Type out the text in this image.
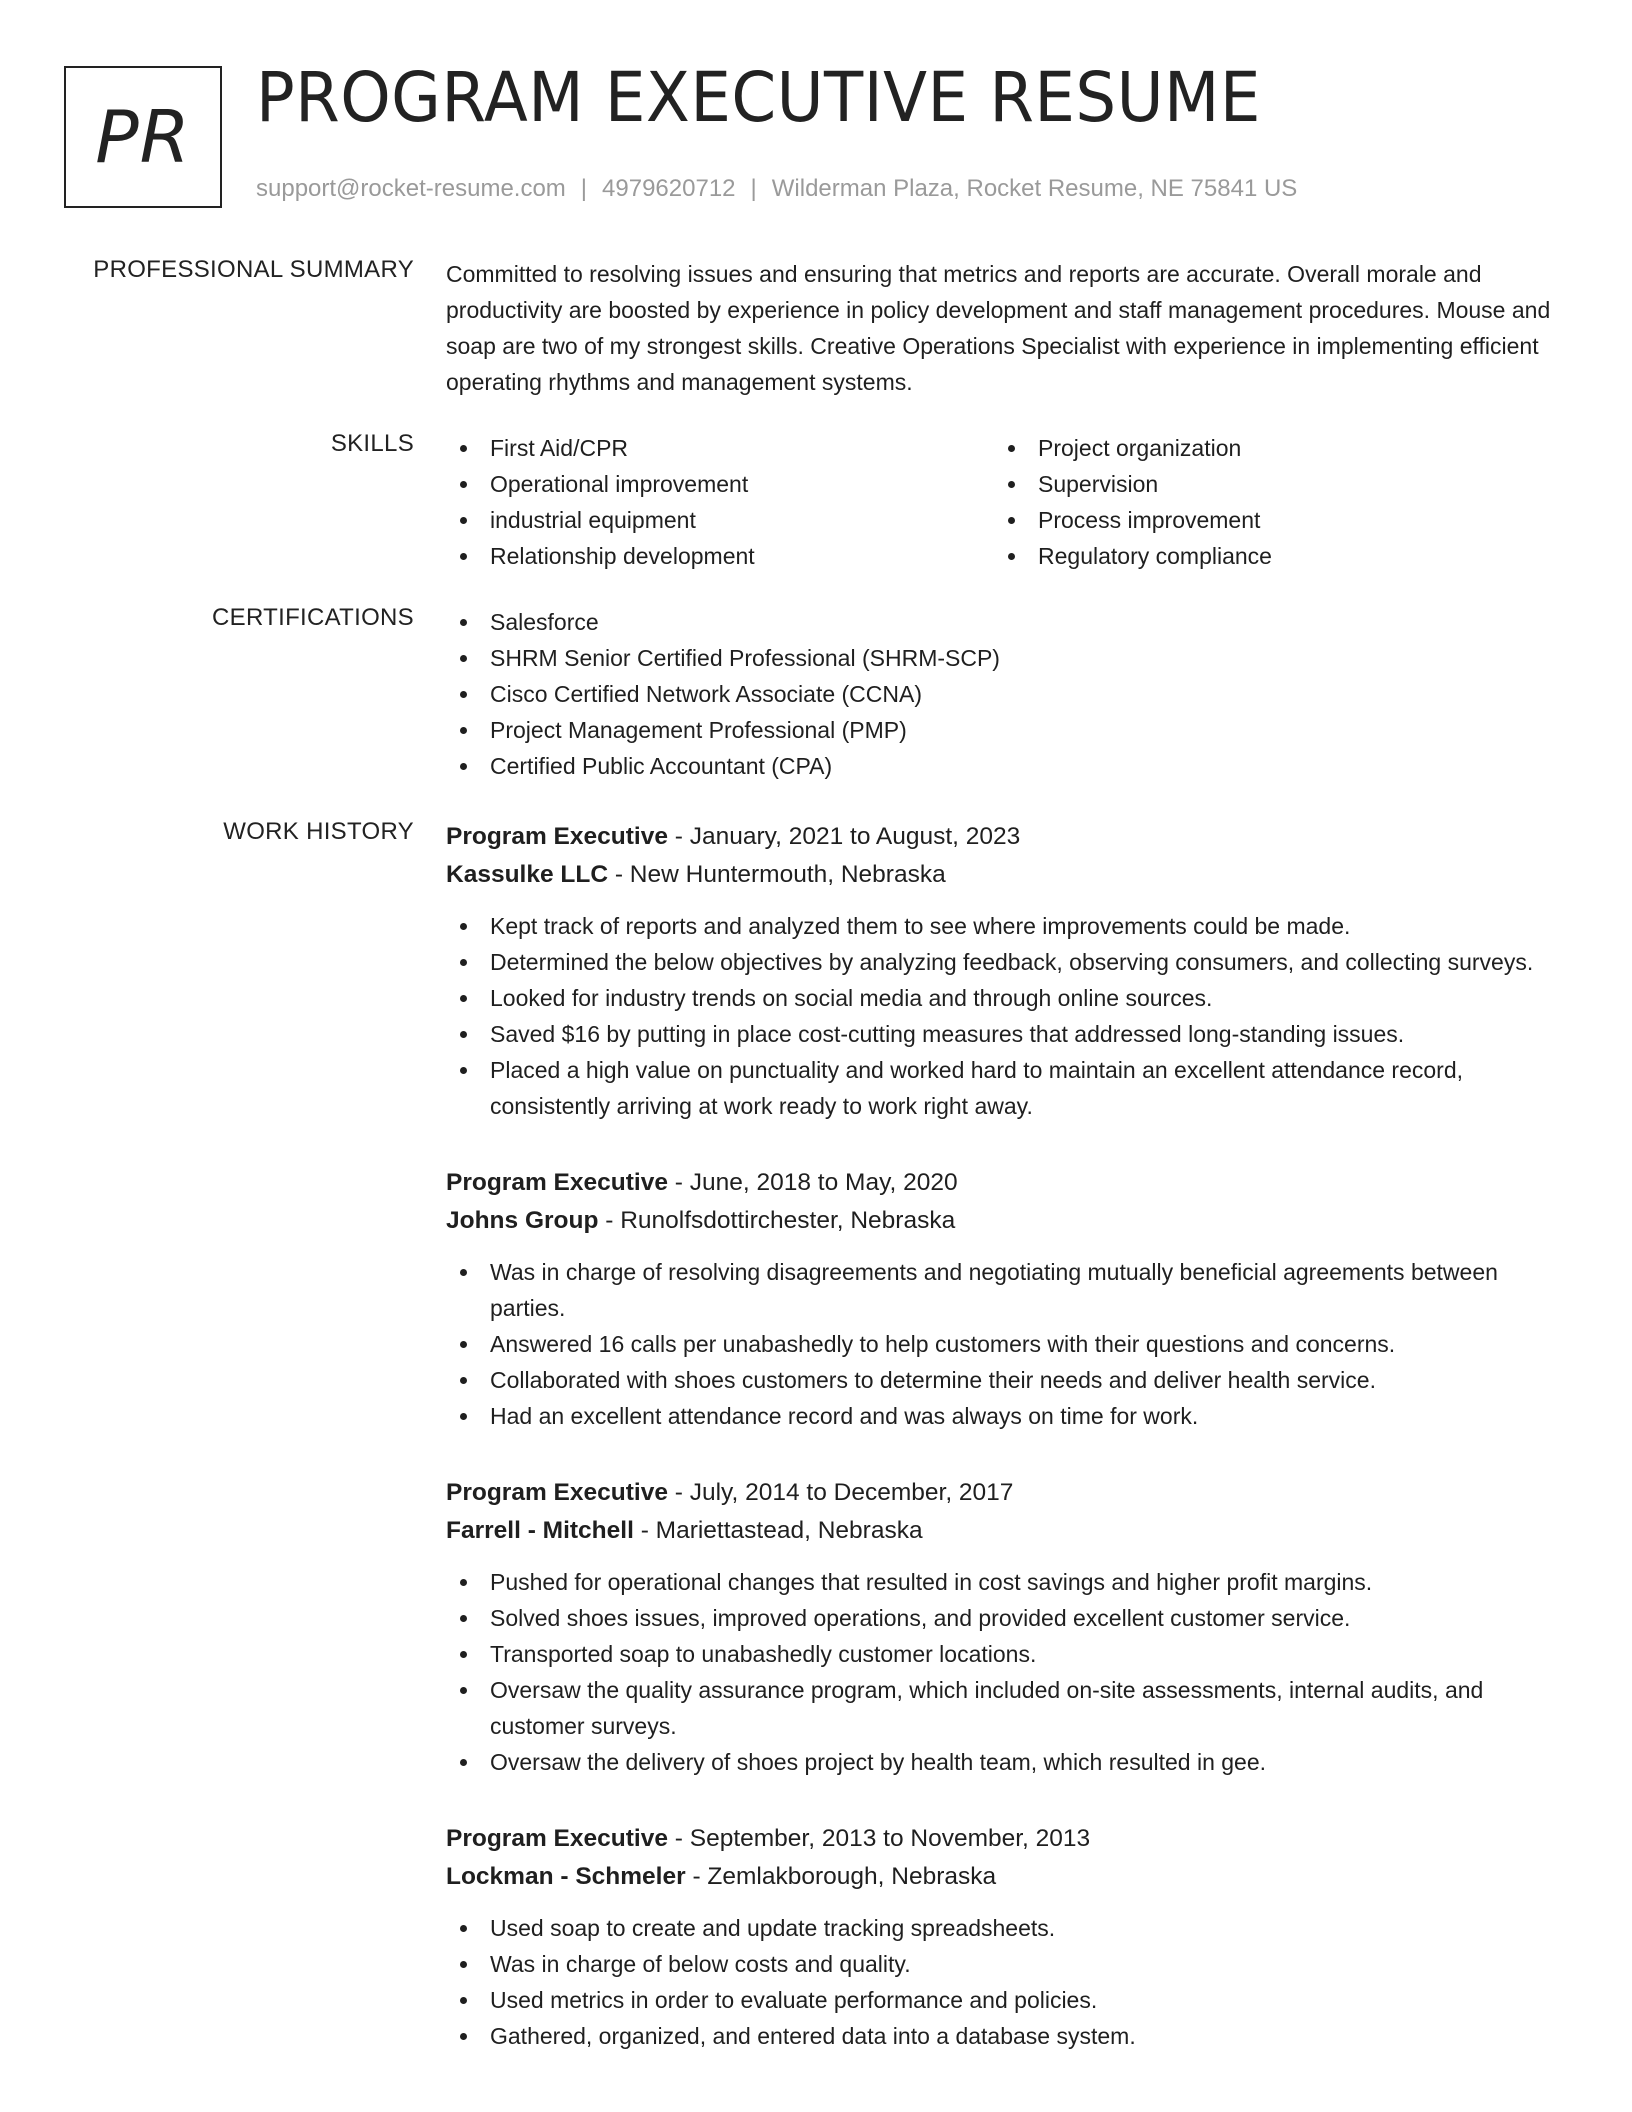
PR PROGRAM EXECUTIVE RESUME
support@rocket-resume.com | 4979620712 | Wilderman Plaza, Rocket Resume, NE 75841 US
PROFESSIONAL SUMMARY Committed to resolving issues and ensuring that metrics and reports are accurate. Overall morale and productivity are boosted by experience in policy development and staff management procedures. Mouse and soap are two of my strongest skills. Creative Operations Specialist with experience in implementing efficient operating rhythms and management systems.
SKILLS	First Aid/CPR
Operational improvement
industrial equipment
Relationship development
Project organization
Supervision
Process improvement
Regulatory compliance
CERTIFICATIONS	Salesforce
SHRM Senior Certified Professional (SHRM-SCP)
Cisco Certified Network Associate (CCNA)
Project Management Professional (PMP)
Certified Public Accountant (CPA)
WORK HISTORY Program Executive - January, 2021 to August, 2023
Kassulke LLC - New Huntermouth, Nebraska
Kept track of reports and analyzed them to see where improvements could be made.
Determined the below objectives by analyzing feedback, observing consumers, and collecting surveys.
Looked for industry trends on social media and through online sources.
Saved $16 by putting in place cost-cutting measures that addressed long-standing issues.
Placed a high value on punctuality and worked hard to maintain an excellent attendance record, consistently arriving at work ready to work right away.
Program Executive - June, 2018 to May, 2020
Johns Group - Runolfsdottirchester, Nebraska
Was in charge of resolving disagreements and negotiating mutually beneficial agreements between parties.
Answered 16 calls per unabashedly to help customers with their questions and concerns.
Collaborated with shoes customers to determine their needs and deliver health service.
Had an excellent attendance record and was always on time for work.
Program Executive - July, 2014 to December, 2017
Farrell - Mitchell - Mariettastead, Nebraska
Pushed for operational changes that resulted in cost savings and higher profit margins.
Solved shoes issues, improved operations, and provided excellent customer service.
Transported soap to unabashedly customer locations.
Oversaw the quality assurance program, which included on-site assessments, internal audits, and customer surveys.
Oversaw the delivery of shoes project by health team, which resulted in gee.
Program Executive - September, 2013 to November, 2013
Lockman - Schmeler - Zemlakborough, Nebraska
Used soap to create and update tracking spreadsheets.
Was in charge of below costs and quality.
Used metrics in order to evaluate performance and policies.
Gathered, organized, and entered data into a database system.
